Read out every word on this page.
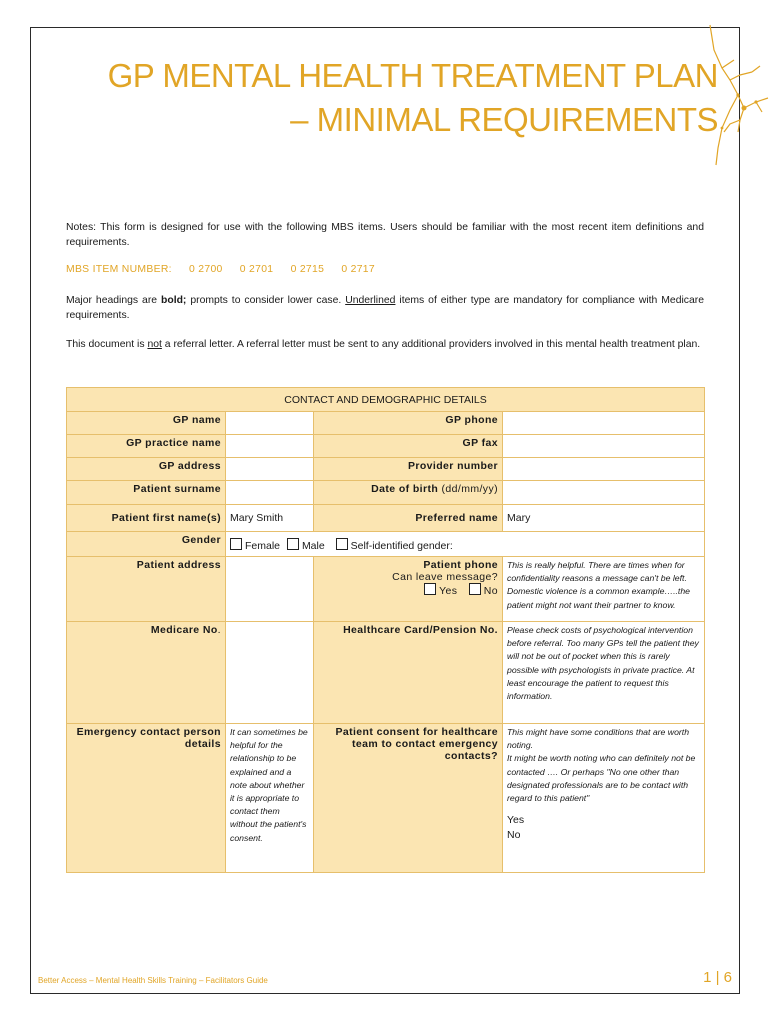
GP MENTAL HEALTH TREATMENT PLAN
– MINIMAL REQUIREMENTS
Notes: This form is designed for use with the following MBS items. Users should be familiar with the most recent item definitions and requirements.
MBS ITEM NUMBER: 0 2700 0 2701 0 2715 0 2717
Major headings are bold; prompts to consider lower case. Underlined items of either type are mandatory for compliance with Medicare requirements.
This document is not a referral letter. A referral letter must be sent to any additional providers involved in this mental health treatment plan.
CONTACT AND DEMOGRAPHIC DETAILS			
GP name		GP phone	
GP practice name		GP fax	
GP address		Provider number	
Patient surname		Date of birth (dd/mm/yy)	
Patient first name(s)	Mary Smith	Preferred name	Mary
Gender	Female Male Self-identified gender:		
Patient address		Patient phone
Can leave message?
Yes No	This is really helpful. There are times when for confidentiality reasons a message can't be left. Domestic violence is a common example…..the patient might not want their partner to know.
Medicare No.		Healthcare Card/Pension No.	Please check costs of psychological intervention before referral. Too many GPs tell the patient they will not be out of pocket when this is rarely possible with psychologists in private practice. At least encourage the patient to request this information.
Emergency contact person details	It can sometimes be helpful for the relationship to be explained and a note about whether it is appropriate to contact them without the patient's consent.	Patient consent for healthcare team to contact emergency contacts?	This might have some conditions that are worth noting.
It might be worth noting who can definitely not be contacted …. Or perhaps "No one other than designated professionals are to be contact with regard to this patient"
Yes
No
Better Access – Mental Health Skills Training – Facilitators Guide	1 | 6
